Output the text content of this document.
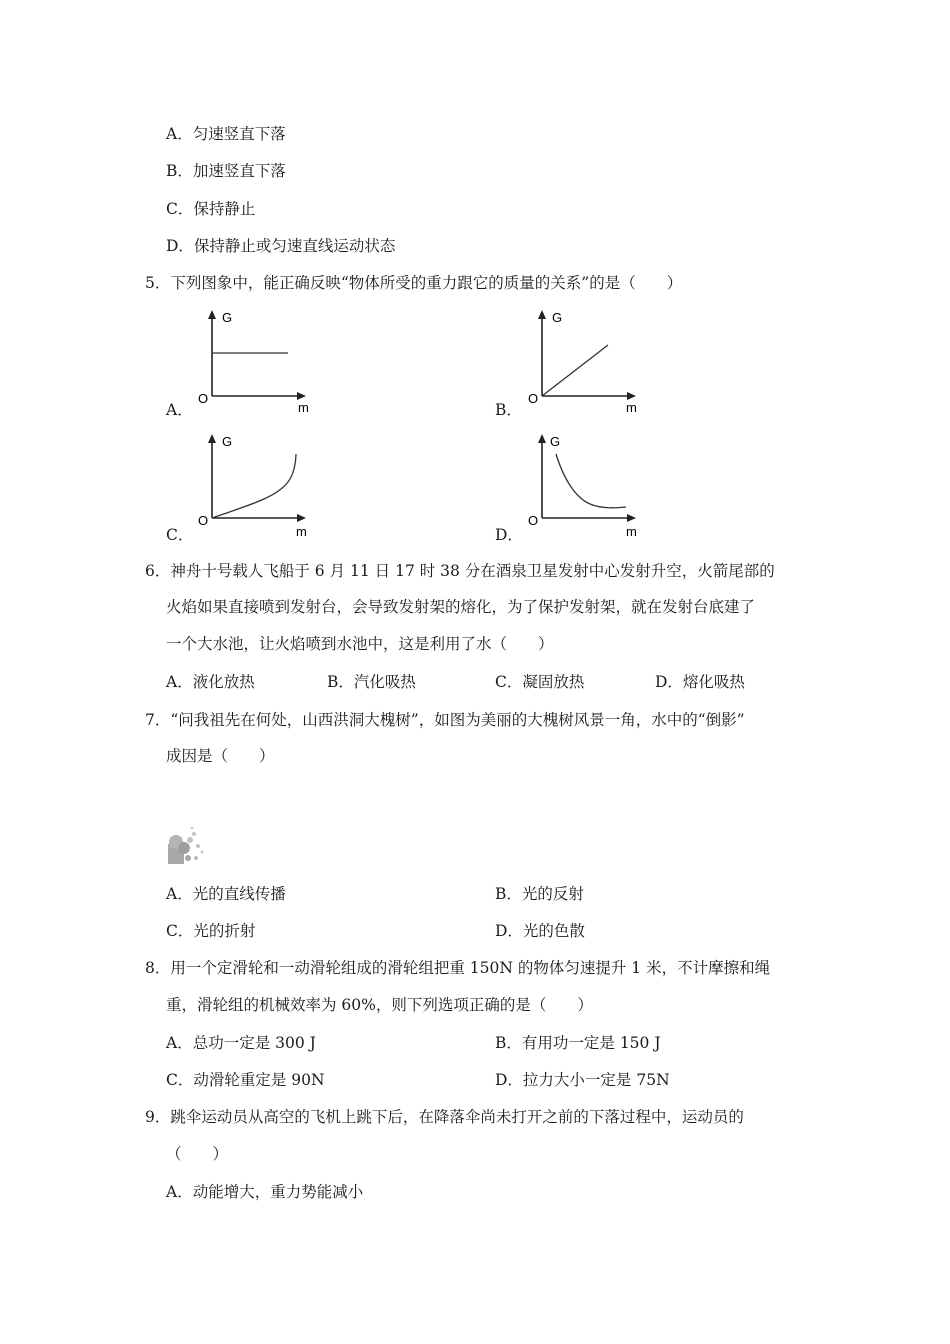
A．匀速竖直下落
B．加速竖直下落
C．保持静止
D．保持静止或匀速直线运动状态
5．下列图象中，能正确反映“物体所受的重力跟它的质量的关系”的是（　　）
A．
G
O
m	B．
G
O
m
C．
G
O
m	D．
G
O
m
6．神舟十号载人飞船于 6 月 11 日 17 时 38 分在酒泉卫星发射中心发射升空，火箭尾部的
火焰如果直接喷到发射台，会导致发射架的熔化，为了保护发射架，就在发射台底建了
一个大水池，让火焰喷到水池中，这是利用了水（　　）
A．液化放热	B．汽化吸热	C．凝固放热	D．熔化吸热
7．“问我祖先在何处，山西洪洞大槐树”，如图为美丽的大槐树风景一角，水中的“倒影”
成因是（　　）
A．光的直线传播	B．光的反射
C．光的折射	D．光的色散
8．用一个定滑轮和一动滑轮组成的滑轮组把重 150N 的物体匀速提升 1 米，不计摩擦和绳
重，滑轮组的机械效率为 60%，则下列选项正确的是（　　）
A．总功一定是 300 J	B．有用功一定是 150 J
C．动滑轮重定是 90N	D．拉力大小一定是 75N
9．跳伞运动员从高空的飞机上跳下后，在降落伞尚未打开之前的下落过程中，运动员的
（　　）
A．动能增大，重力势能减小
